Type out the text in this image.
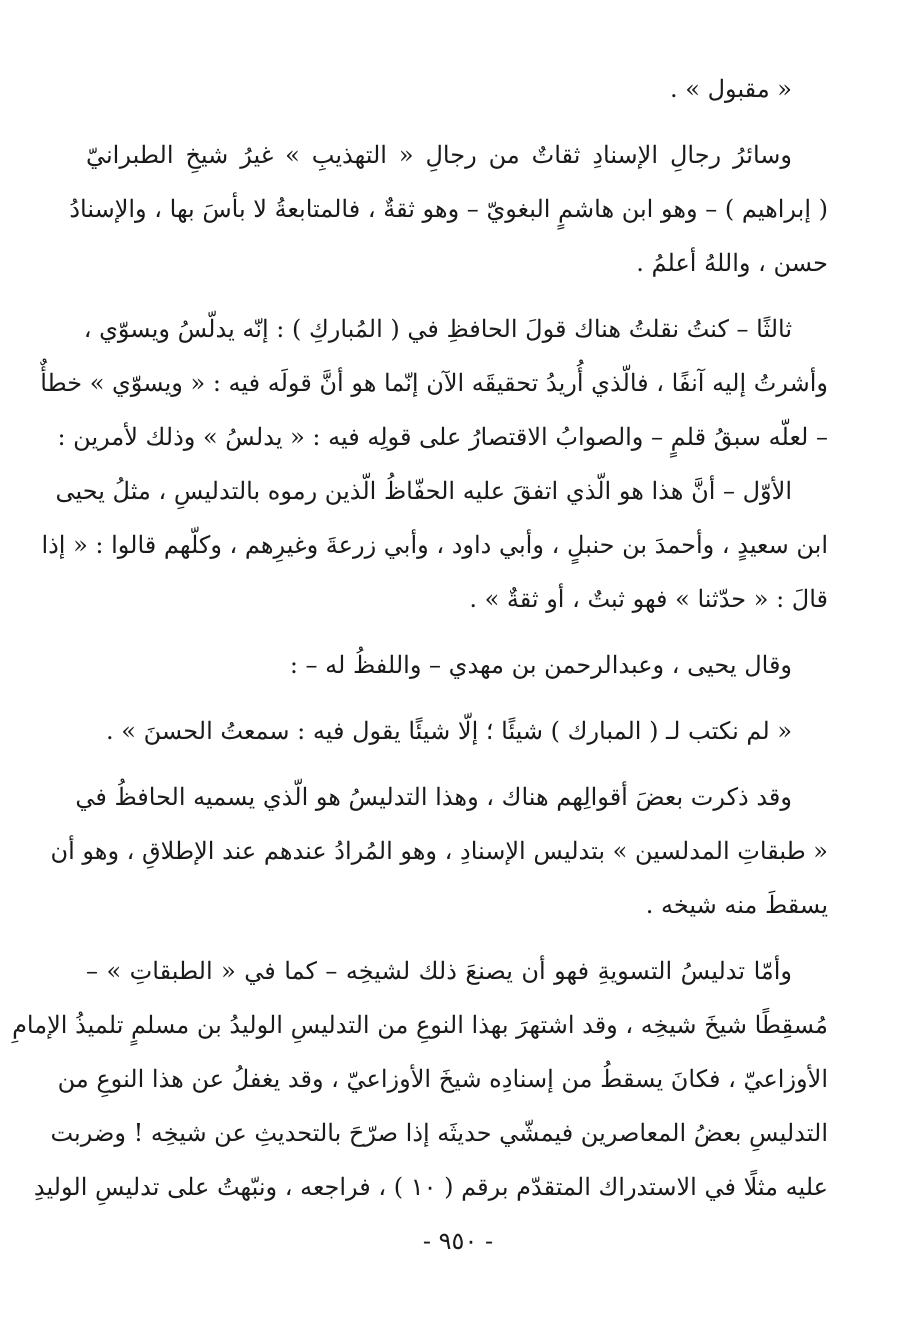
« مقبول » .
وسائرُ رجالِ الإسنادِ ثقاتٌ من رجالِ « التهذيبِ » غيرُ شيخِ الطبرانيّ
( إبراهيم ) – وهو ابن هاشمٍ البغويّ – وهو ثقةٌ ، فالمتابعةُ لا بأسَ بها ، والإسنادُ
حسن ، واللهُ أعلمُ .
ثالثًا – كنتُ نقلتُ هناك قولَ الحافظِ في ( المُباركِ ) : إنّه يدلّسُ ويسوّي ،
وأشرتُ إليه آنفًا ، فالّذي أُريدُ تحقيقَه الآن إنّما هو أنَّ قولَه فيه : « ويسوّي » خطأٌ
– لعلّه سبقُ قلمٍ – والصوابُ الاقتصارُ على قولِه فيه : « يدلسُ » وذلك لأمرين :
الأوّل – أنَّ هذا هو الّذي اتفقَ عليه الحفّاظُ الّذين رموه بالتدليسِ ، مثلُ يحيى
ابن سعيدٍ ، وأحمدَ بن حنبلٍ ، وأبي داود ، وأبي زرعةَ وغيرِهم ، وكلّهم قالوا : « إذا
قالَ : « حدّثنا » فهو ثبتٌ ، أو ثقةٌ » .
وقال يحيى ، وعبدالرحمن بن مهدي – واللفظُ له – :
« لم نكتب لـ ( المبارك ) شيئًا ؛ إلّا شيئًا يقول فيه : سمعتُ الحسنَ » .
وقد ذكرت بعضَ أقوالِهم هناك ، وهذا التدليسُ هو الّذي يسميه الحافظُ في
« طبقاتِ المدلسين » بتدليس الإسنادِ ، وهو المُرادُ عندهم عند الإطلاقِ ، وهو أن
يسقطَ منه شيخه .
وأمّا تدليسُ التسويةِ فهو أن يصنعَ ذلك لشيخِه – كما في « الطبقاتِ » –
مُسقِطًا شيخَ شيخِه ، وقد اشتهرَ بهذا النوعِ من التدليسِ الوليدُ بن مسلمٍ تلميذُ الإمامِ
الأوزاعيّ ، فكانَ يسقطُ من إسنادِه شيخَ الأوزاعيّ ، وقد يغفلُ عن هذا النوعِ من
التدليسِ بعضُ المعاصرين فيمشّي حديثَه إذا صرّحَ بالتحديثِ عن شيخِه ! وضربت
عليه مثلًا في الاستدراك المتقدّم برقم ( ١٠ ) ، فراجعه ، ونبّهتُ على تدليسِ الوليدِ
- ٩٥٠ -
